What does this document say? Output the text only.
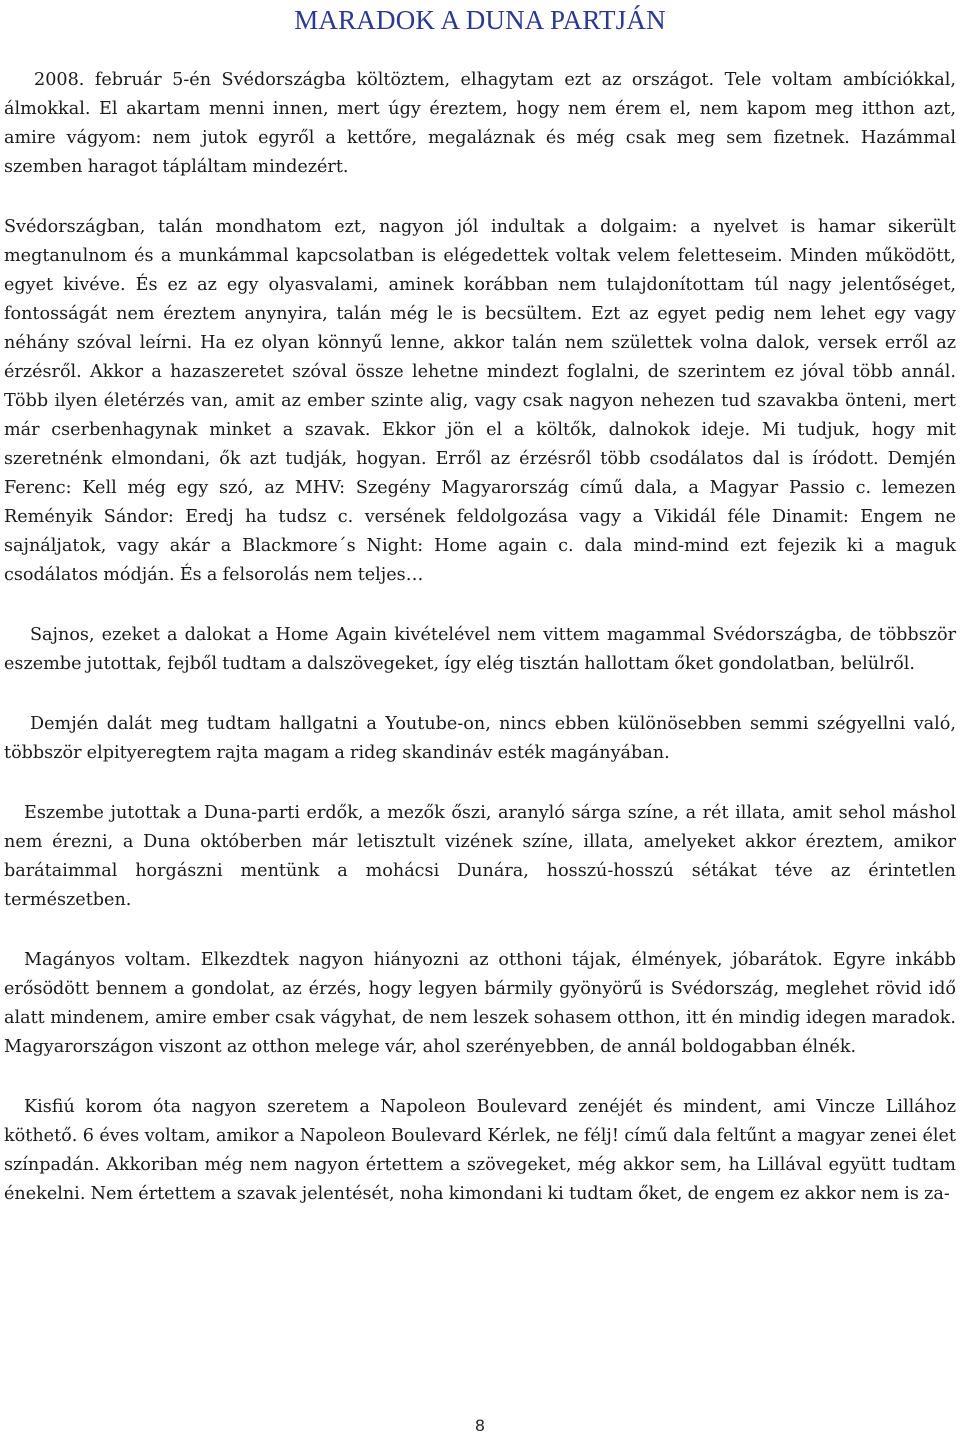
MARADOK A DUNA PARTJÁN

2008. február 5-én Svédországba költöztem, elhagytam ezt az országot. Tele voltam ambíciókkal, álmokkal. El akartam menni innen, mert úgy éreztem, hogy nem érem el, nem kapom meg itthon azt, amire vágyom: nem jutok egyről a kettőre, megaláznak és még csak meg sem fizetnek. Hazámmal szemben haragot tápláltam mindezért.

Svédországban, talán mondhatom ezt, nagyon jól indultak a dolgaim: a nyelvet is hamar sikerült megtanulnom és a munkámmal kapcsolatban is elégedettek voltak velem feletteseim. Minden működött, egyet kivéve. És ez az egy olyasvalami, aminek korábban nem tulajdonítottam túl nagy jelentőséget, fontosságát nem éreztem anynyira, talán még le is becsültem. Ezt az egyet pedig nem lehet egy vagy néhány szóval leírni. Ha ez olyan könnyű lenne, akkor talán nem születtek volna dalok, versek erről az érzésről. Akkor a hazaszeretet szóval össze lehetne mindezt foglalni, de szerintem ez jóval több annál. Több ilyen életérzés van, amit az ember szinte alig, vagy csak nagyon nehezen tud szavakba önteni, mert már cserbenhagynak minket a szavak. Ekkor jön el a költők, dalnokok ideje. Mi tudjuk, hogy mit szeretnénk elmondani, ők azt tudják, hogyan. Erről az érzésről több csodálatos dal is íródott. Demjén Ferenc: Kell még egy szó, az MHV: Szegény Magyarország című dala, a Magyar Passio c. lemezen Reményik Sándor: Eredj ha tudsz c. versének feldolgozása vagy a Vikidál féle Dinamit: Engem ne sajnáljatok, vagy akár a Blackmore´s Night: Home again c. dala mind-mind ezt fejezik ki a maguk csodálatos módján. És a felsorolás nem teljes…

Sajnos, ezeket a dalokat a Home Again kivételével nem vittem magammal Svédországba, de többször eszembe jutottak, fejből tudtam a dalszövegeket, így elég tisztán hallottam őket gondolatban, belülről.

Demjén dalát meg tudtam hallgatni a Youtube-on, nincs ebben különösebben semmi szégyellni való, többször elpityeregtem rajta magam a rideg skandináv esték magányában.

Eszembe jutottak a Duna-parti erdők, a mezők őszi, aranyló sárga színe, a rét illata, amit sehol máshol nem érezni, a Duna októberben már letisztult vizének színe, illata, amelyeket akkor éreztem, amikor barátaimmal horgászni mentünk a mohácsi Dunára, hosszú-hosszú sétákat téve az érintetlen természetben.

Magányos voltam. Elkezdtek nagyon hiányozni az otthoni tájak, élmények, jóbarátok. Egyre inkább erősödött bennem a gondolat, az érzés, hogy legyen bármily gyönyörű is Svédország, meglehet rövid idő alatt mindenem, amire ember csak vágyhat, de nem leszek sohasem otthon, itt én mindig idegen maradok. Magyarországon viszont az otthon melege vár, ahol szerényebben, de annál boldogabban élnék.

Kisfiú korom óta nagyon szeretem a Napoleon Boulevard zenéjét és mindent, ami Vincze Lillához köthető. 6 éves voltam, amikor a Napoleon Boulevard Kérlek, ne félj! című dala feltűnt a magyar zenei élet színpadán. Akkoriban még nem nagyon értettem a szövegeket, még akkor sem, ha Lillával együtt tudtam énekelni. Nem értettem a szavak jelentését, noha kimondani ki tudtam őket, de engem ez akkor nem is za-

8
